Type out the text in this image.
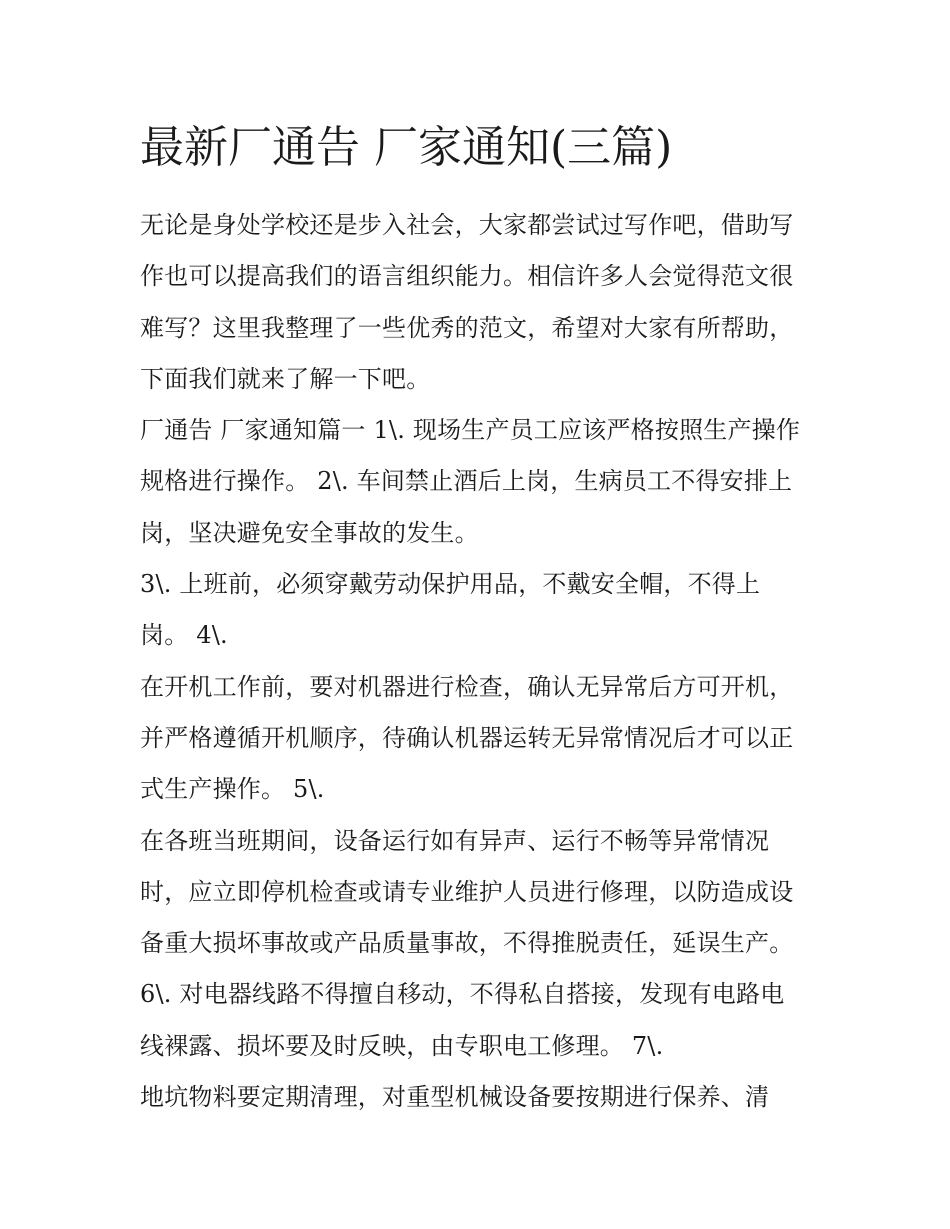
最新厂通告 厂家通知(三篇)

无论是身处学校还是步入社会，大家都尝试过写作吧，借助写
作也可以提高我们的语言组织能力。相信许多人会觉得范文很
难写？这里我整理了一些优秀的范文，希望对大家有所帮助，
下面我们就来了解一下吧。

厂通告 厂家通知篇一 1\. 现场生产员工应该严格按照生产操作
规格进行操作。 2\. 车间禁止酒后上岗，生病员工不得安排上
岗，坚决避免安全事故的发生。

3\. 上班前，必须穿戴劳动保护用品，不戴安全帽，不得上
岗。 4\.

在开机工作前，要对机器进行检查，确认无异常后方可开机，
并严格遵循开机顺序，待确认机器运转无异常情况后才可以正
式生产操作。 5\.

在各班当班期间，设备运行如有异声、运行不畅等异常情况
时，应立即停机检查或请专业维护人员进行修理，以防造成设
备重大损坏事故或产品质量事故，不得推脱责任，延误生产。

6\. 对电器线路不得擅自移动，不得私自搭接，发现有电路电
线裸露、损坏要及时反映，由专职电工修理。 7\.

地坑物料要定期清理，对重型机械设备要按期进行保养、清
